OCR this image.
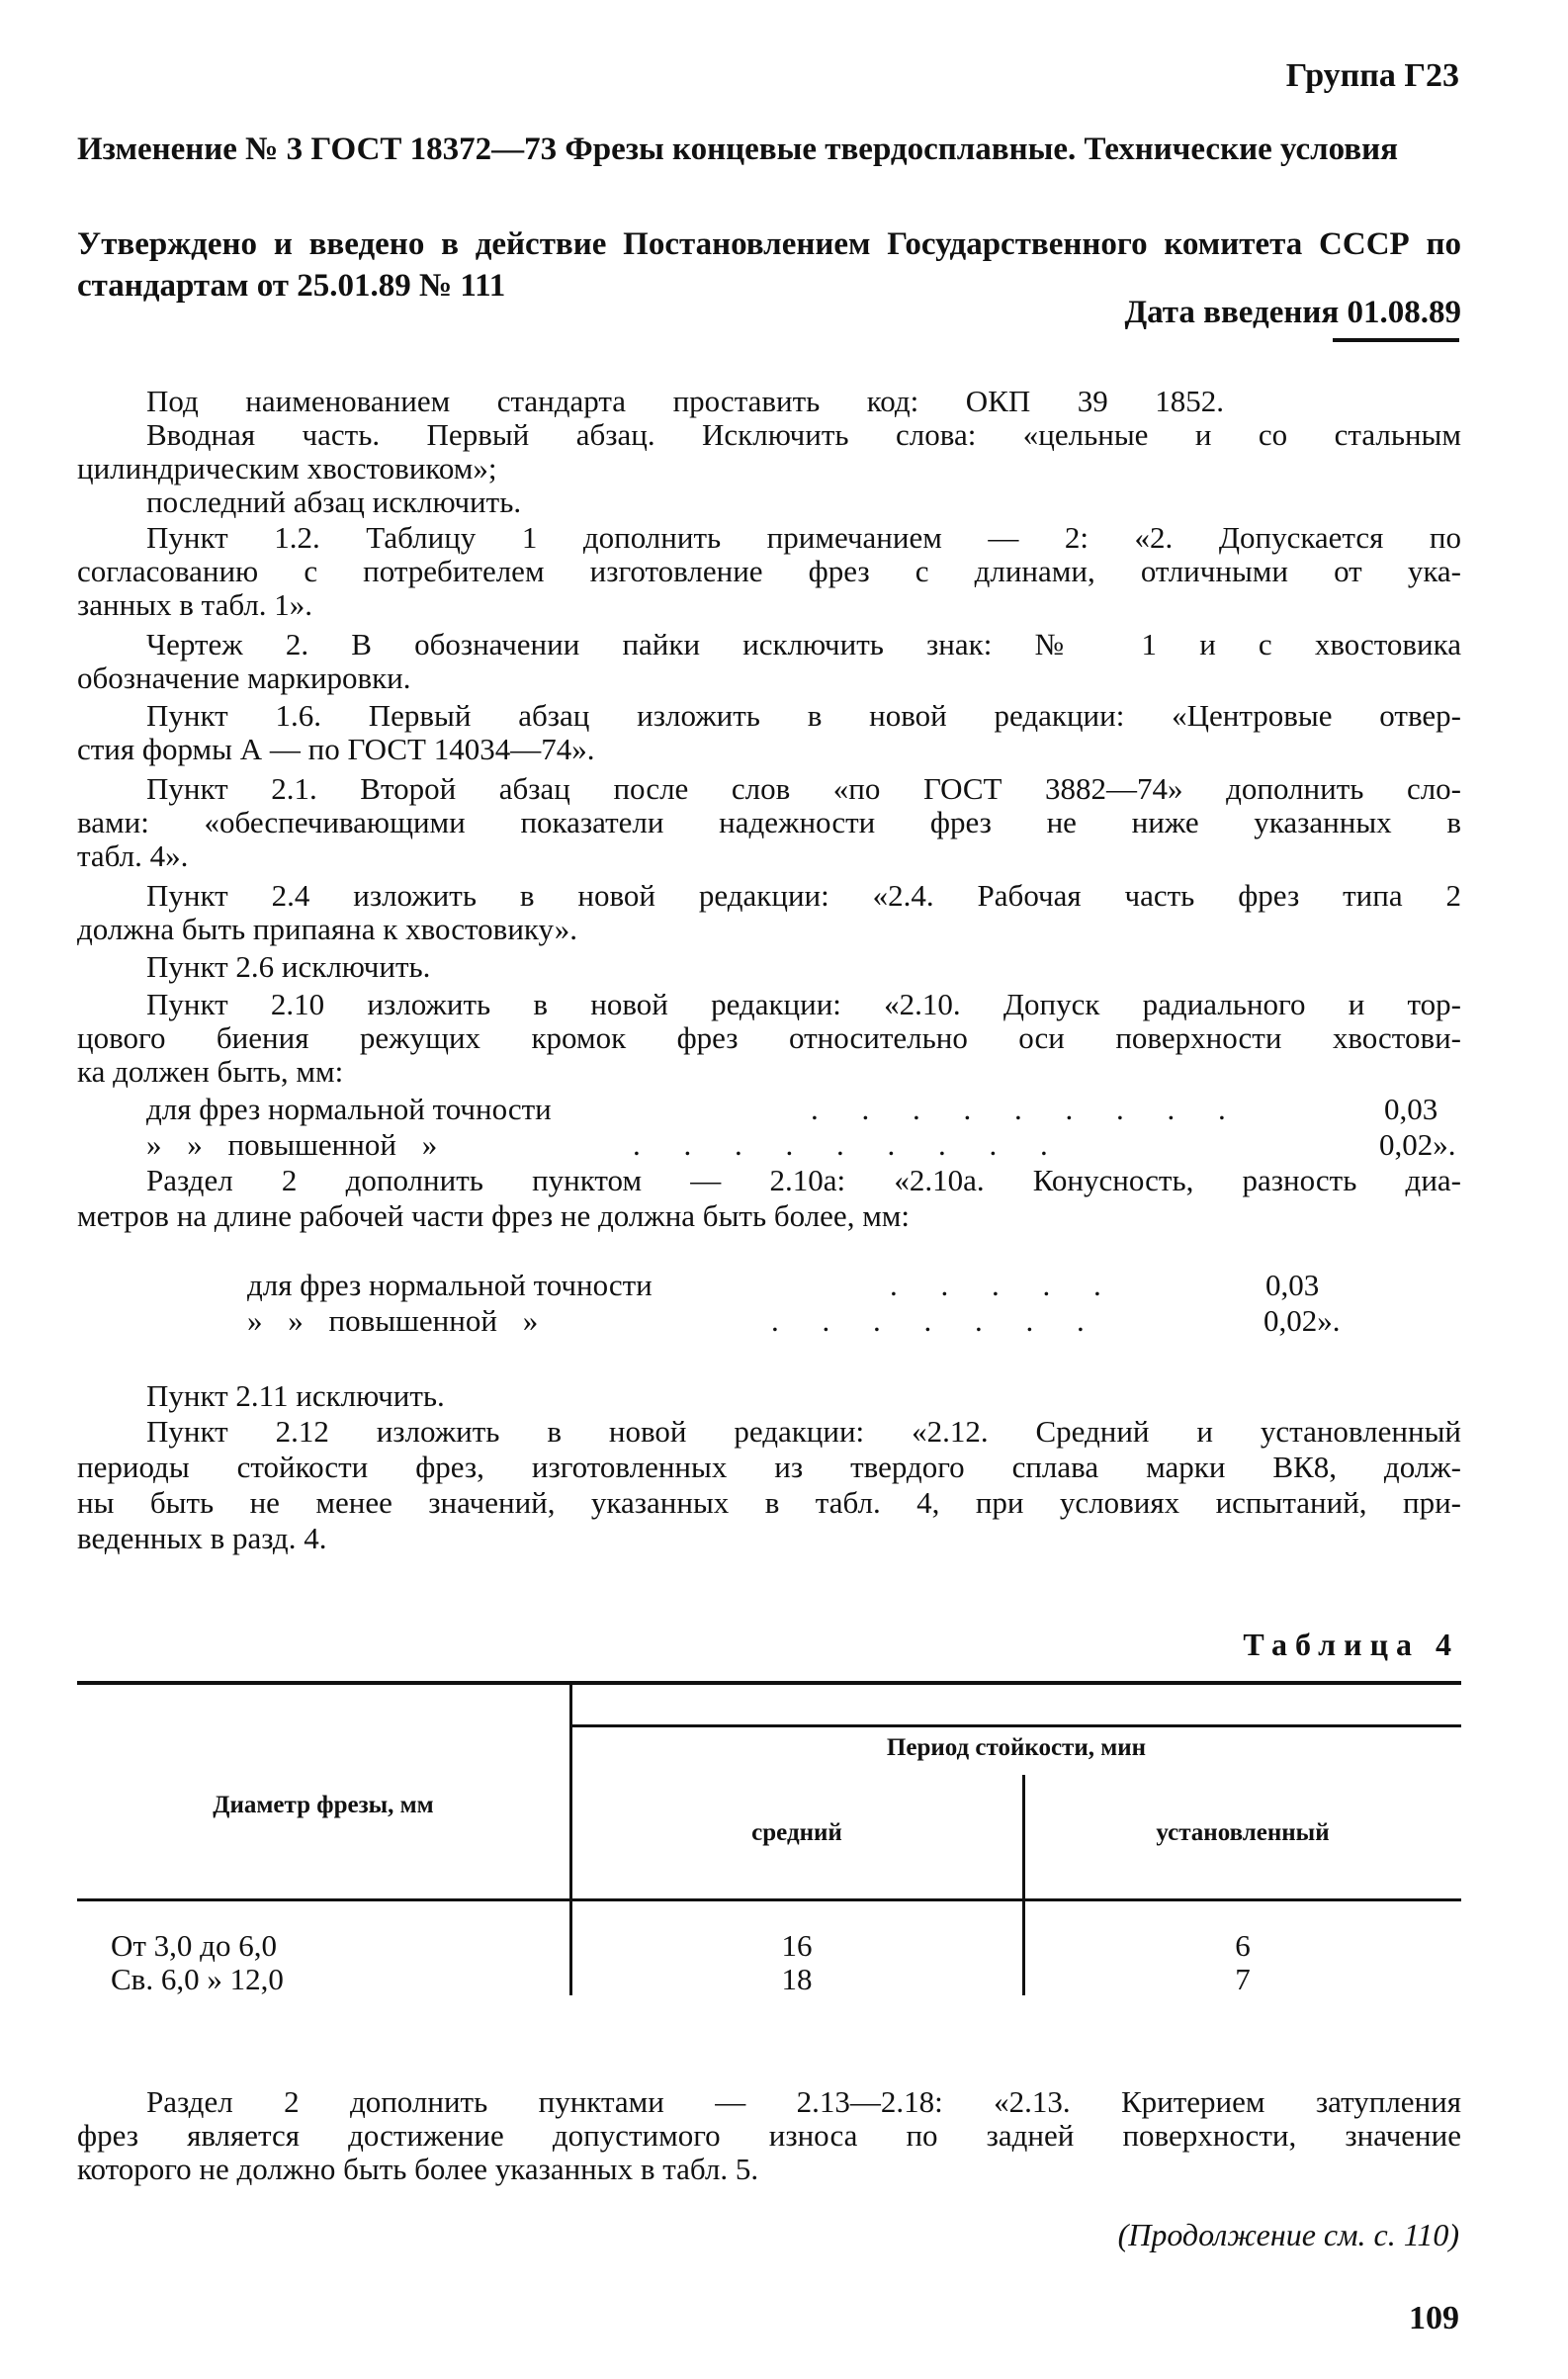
Группа Г23
Изменение № 3 ГОСТ 18372—73 Фрезы концевые твердосплавные. Технические условия
Утверждено и введено в действие Постановлением Государственного комитета СССР по стандартам от 25.01.89 № 111
Дата введения 01.08.89
Под наименованием стандарта проставить код: ОКП 39 1852.
Вводная часть. Первый абзац. Исключить слова: «цельные и со стальным
цилиндрическим хвостовиком»;
последний абзац исключить.
Пункт 1.2. Таблицу 1 дополнить примечанием — 2: «2. Допускается по
согласованию с потребителем изготовление фрез с длинами, отличными от ука-
занных в табл. 1».
Чертеж 2. В обозначении пайки исключить знак: № 1 и с хвостовика
обозначение маркировки.
Пункт 1.6. Первый абзац изложить в новой редакции: «Центровые отвер-
стия формы А — по ГОСТ 14034—74».
Пункт 2.1. Второй абзац после слов «по ГОСТ 3882—74» дополнить сло-
вами: «обеспечивающими показатели надежности фрез не ниже указанных в
табл. 4».
Пункт 2.4 изложить в новой редакции: «2.4. Рабочая часть фрез типа 2
должна быть припаяна к хвостовику».
Пункт 2.6 исключить.
Пункт 2.10 изложить в новой редакции: «2.10. Допуск радиального и тор-
цового биения режущих кромок фрез относительно оси поверхности хвостови-
ка должен быть, мм:
для фрез нормальной точности	. . . . . . . . .	0,03
» » повышенной »	. . . . . . . . .	0,02».
Раздел 2 дополнить пунктом — 2.10а: «2.10а. Конусность, разность диа-
метров на длине рабочей части фрез не должна быть более, мм:
для фрез нормальной точности	. . . . .	0,03
» » повышенной »	. . . . . . .	0,02».
Пункт 2.11 исключить.
Пункт 2.12 изложить в новой редакции: «2.12. Средний и установленный
периоды стойкости фрез, изготовленных из твердого сплава марки ВК8, долж-
ны быть не менее значений, указанных в табл. 4, при условиях испытаний, при-
веденных в разд. 4.
Таблица 4
Диаметр фрезы, мм
Период стойкости, мин
средний	установленный
От 3,0 до 6,0	16	6
Св. 6,0 » 12,0	18	7
Раздел 2 дополнить пунктами — 2.13—2.18: «2.13. Критерием затупления
фрез является достижение допустимого износа по задней поверхности, значение
которого не должно быть более указанных в табл. 5.
(Продолжение см. с. 110)
109
